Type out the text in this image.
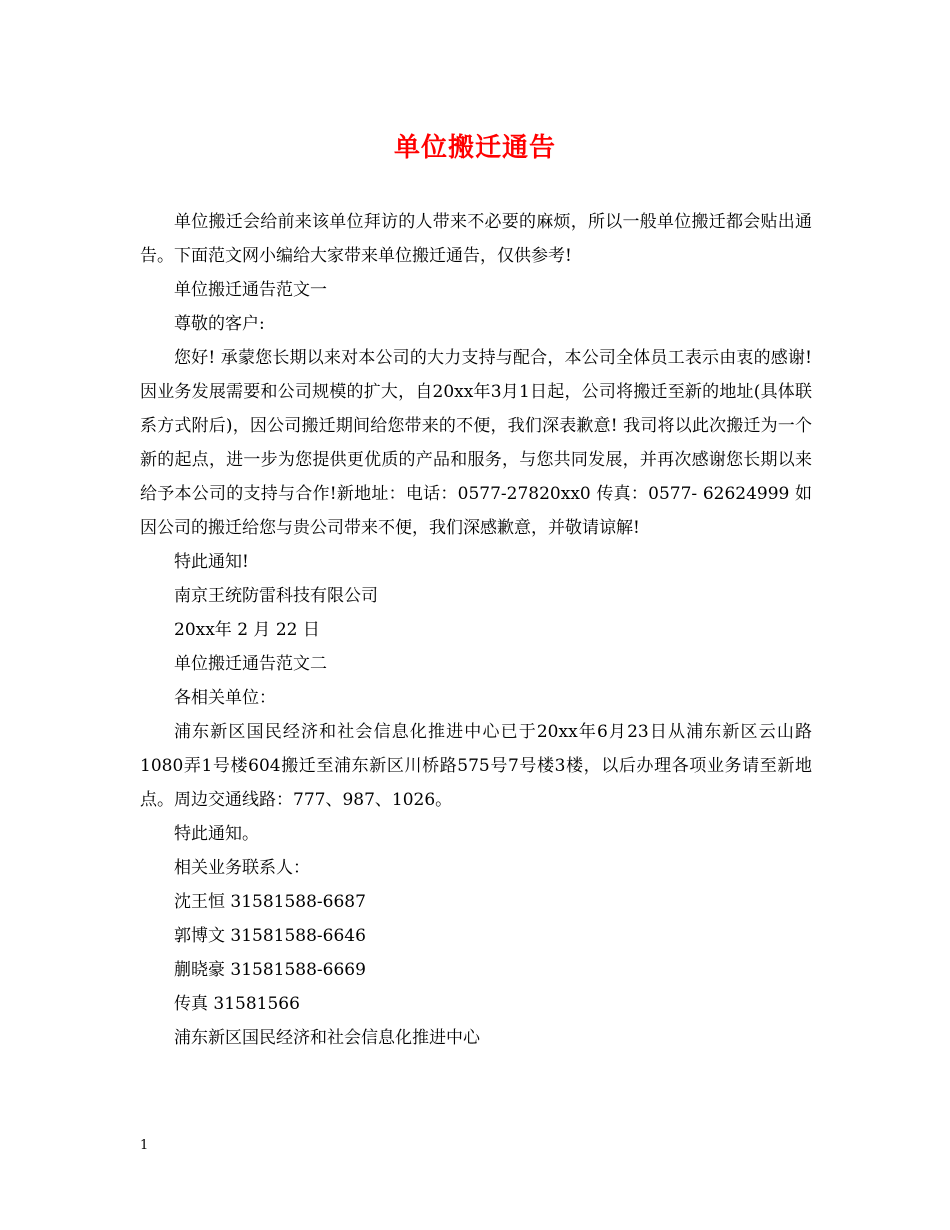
单位搬迁通告

单位搬迁会给前来该单位拜访的人带来不必要的麻烦，所以一般单位搬迁都会贴出通告。下面范文网小编给大家带来单位搬迁通告，仅供参考!

单位搬迁通告范文一

尊敬的客户:

您好! 承蒙您长期以来对本公司的大力支持与配合，本公司全体员工表示由衷的感谢! 因业务发展需要和公司规模的扩大，自20xx年3月1日起，公司将搬迁至新的地址(具体联系方式附后)，因公司搬迁期间给您带来的不便，我们深表歉意! 我司将以此次搬迁为一个新的起点，进一步为您提供更优质的产品和服务，与您共同发展，并再次感谢您长期以来给予本公司的支持与合作!新地址：电话：0577-27820xx0 传真：0577- 62624999 如因公司的搬迁给您与贵公司带来不便，我们深感歉意，并敬请谅解!

特此通知!

南京王统防雷科技有限公司

20xx年 2 月 22 日

单位搬迁通告范文二

各相关单位：

浦东新区国民经济和社会信息化推进中心已于20xx年6月23日从浦东新区云山路1080弄1号楼604搬迁至浦东新区川桥路575号7号楼3楼，以后办理各项业务请至新地点。周边交通线路：777、987、1026。

特此通知。

相关业务联系人：

沈王恒 31581588-6687

郭博文 31581588-6646

蒯晓豪 31581588-6669

传真 31581566

浦东新区国民经济和社会信息化推进中心

1
